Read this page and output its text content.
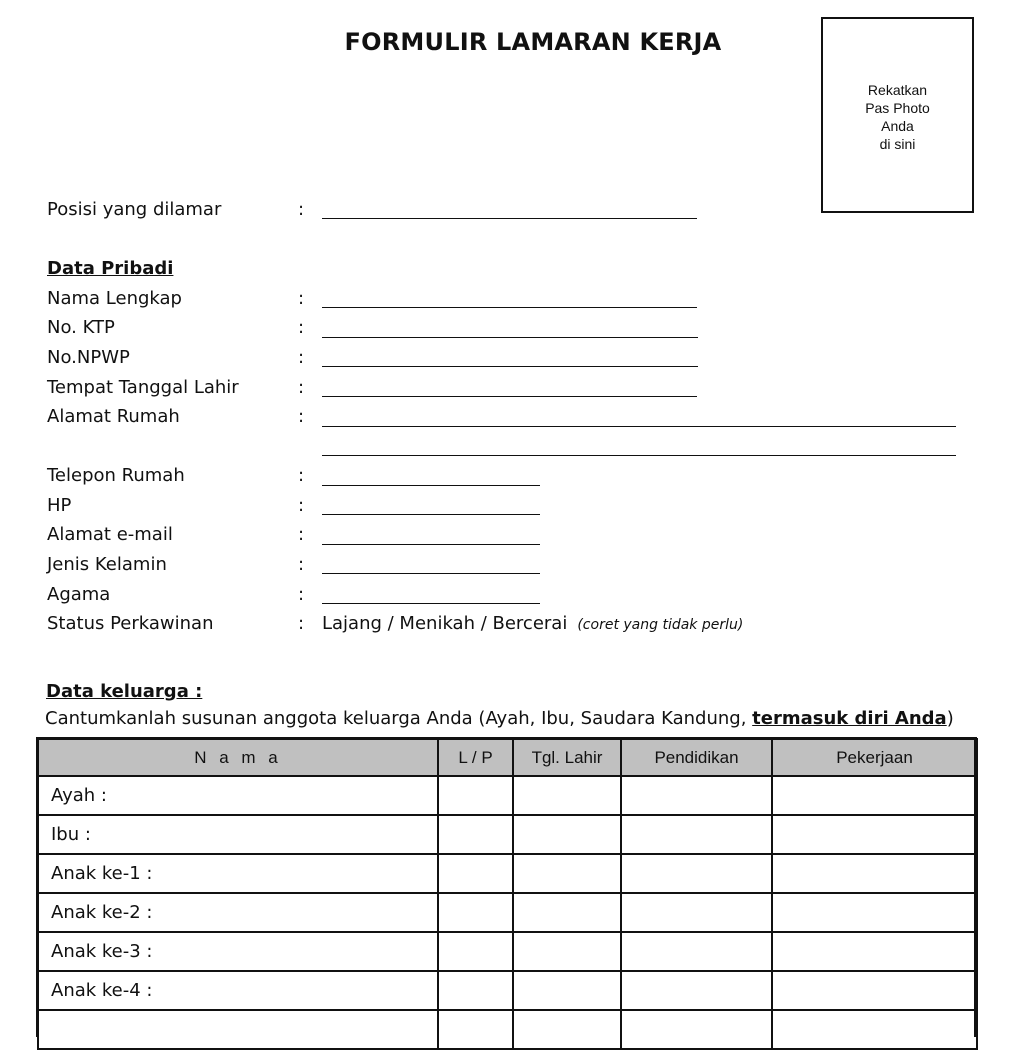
FORMULIR LAMARAN KERJA
Rekatkan
Pas Photo
Anda
di sini
Posisi yang dilamar	:
Data Pribadi
Nama Lengkap	:
No. KTP	:
No.NPWP	:
Tempat Tanggal Lahir	:
Alamat Rumah	:
Telepon Rumah	:
HP	:
Alamat e-mail	:
Jenis Kelamin	:
Agama	:
Status Perkawinan	: Lajang / Menikah / Bercerai (coret yang tidak perlu)
Data keluarga :
Cantumkanlah susunan anggota keluarga Anda (Ayah, Ibu, Saudara Kandung, termasuk diri Anda)
N a m a	L / P	Tgl. Lahir	Pendidikan	Pekerjaan
Ayah :				
Ibu :				
Anak ke-1 :				
Anak ke-2 :				
Anak ke-3 :				
Anak ke-4 :				
